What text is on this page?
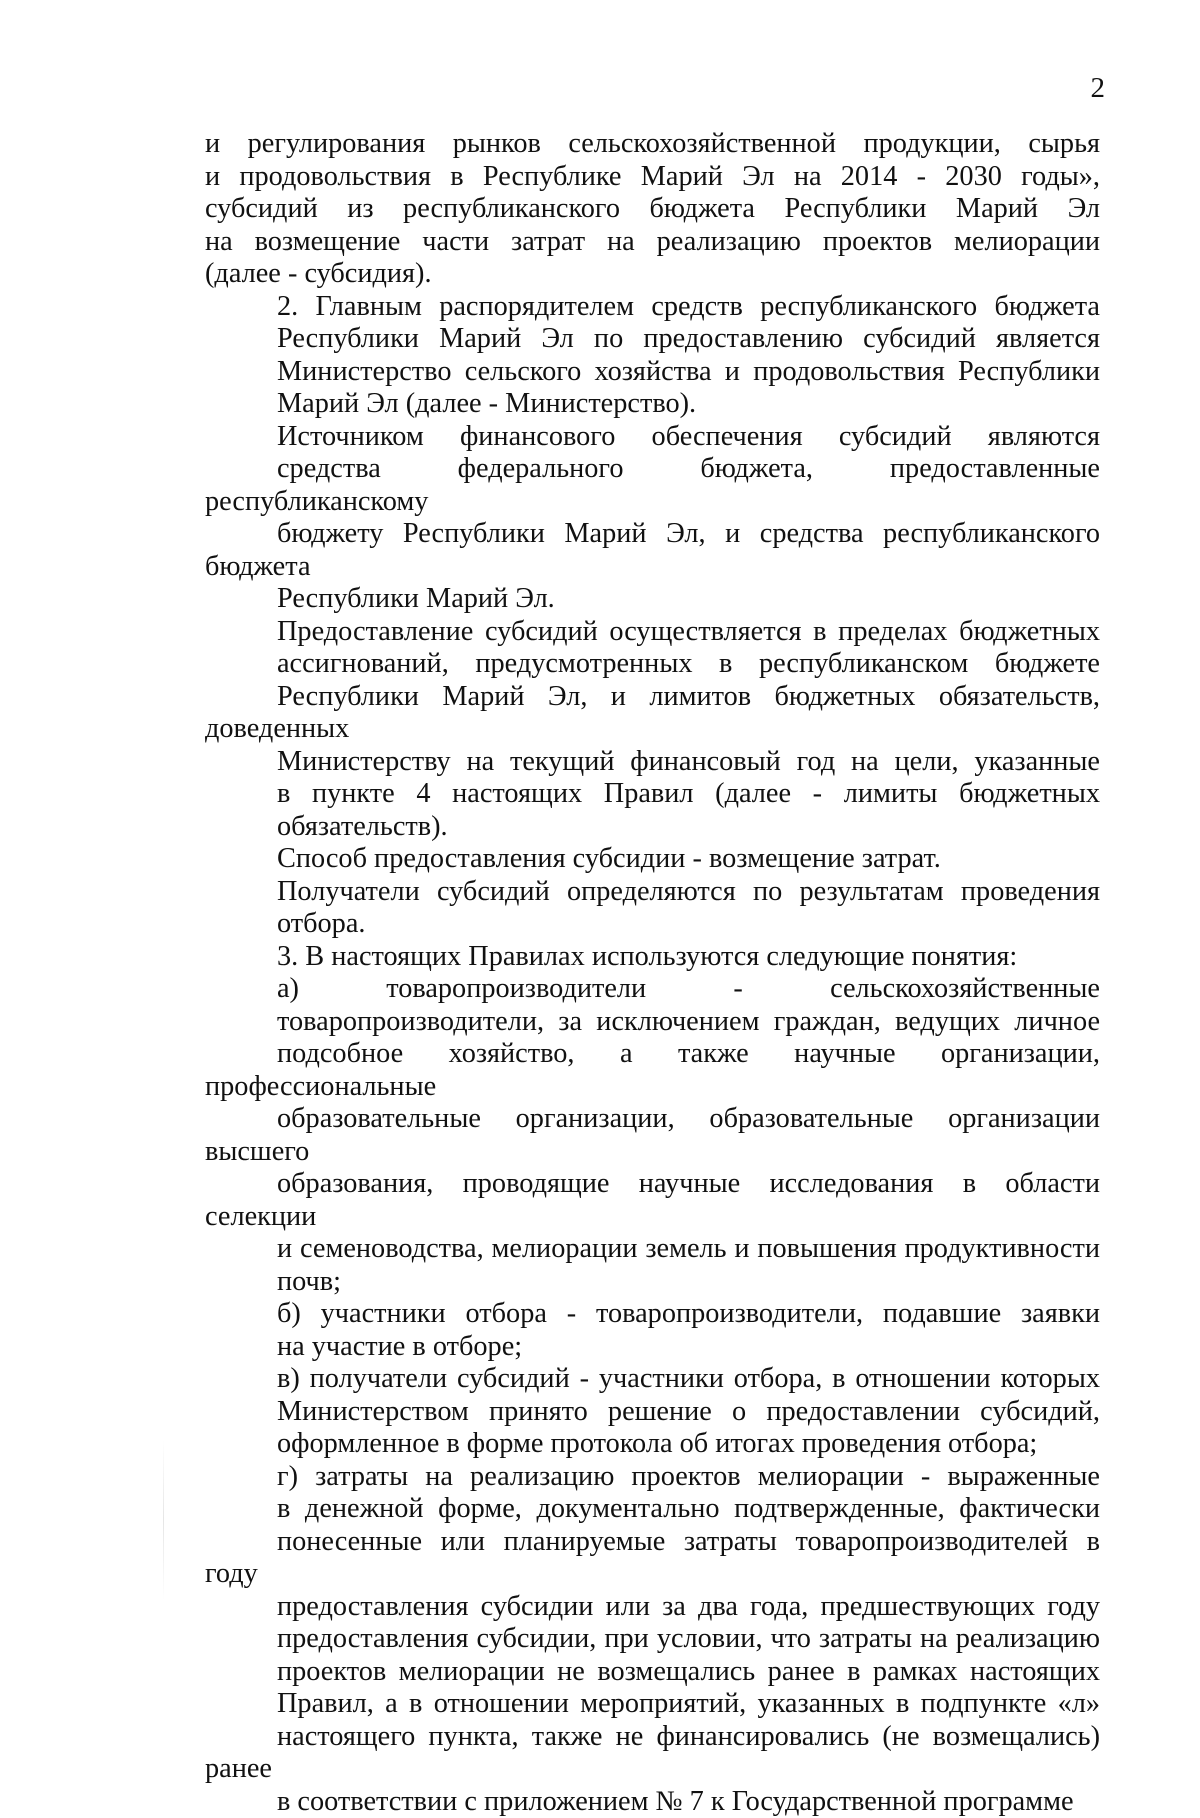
2

и регулирования рынков сельскохозяйственной продукции, сырья
и продовольствия в Республике Марий Эл на 2014 - 2030 годы»,
субсидий из республиканского бюджета Республики Марий Эл
на возмещение части затрат на реализацию проектов мелиорации
(далее - субсидия).

2. Главным распорядителем средств республиканского бюджета
Республики Марий Эл по предоставлению субсидий является
Министерство сельского хозяйства и продовольствия Республики
Марий Эл (далее - Министерство).

Источником финансового обеспечения субсидий являются
средства федерального бюджета, предоставленные республиканскому
бюджету Республики Марий Эл, и средства республиканского бюджета
Республики Марий Эл.

Предоставление субсидий осуществляется в пределах бюджетных
ассигнований, предусмотренных в республиканском бюджете
Республики Марий Эл, и лимитов бюджетных обязательств, доведенных
Министерству на текущий финансовый год на цели, указанные
в пункте 4 настоящих Правил (далее - лимиты бюджетных
обязательств).

Способ предоставления субсидии - возмещение затрат.

Получатели субсидий определяются по результатам проведения
отбора.

3. В настоящих Правилах используются следующие понятия:

а) товаропроизводители - сельскохозяйственные
товаропроизводители, за исключением граждан, ведущих личное
подсобное хозяйство, а также научные организации, профессиональные
образовательные организации, образовательные организации высшего
образования, проводящие научные исследования в области селекции
и семеноводства, мелиорации земель и повышения продуктивности
почв;

б) участники отбора - товаропроизводители, подавшие заявки
на участие в отборе;

в) получатели субсидий - участники отбора, в отношении которых
Министерством принято решение о предоставлении субсидий,
оформленное в форме протокола об итогах проведения отбора;

г) затраты на реализацию проектов мелиорации - выраженные
в денежной форме, документально подтвержденные, фактически
понесенные или планируемые затраты товаропроизводителей в году
предоставления субсидии или за два года, предшествующих году
предоставления субсидии, при условии, что затраты на реализацию
проектов мелиорации не возмещались ранее в рамках настоящих
Правил, а в отношении мероприятий, указанных в подпункте «л»
настоящего пункта, также не финансировались (не возмещались) ранее
в соответствии с приложением № 7 к Государственной программе
